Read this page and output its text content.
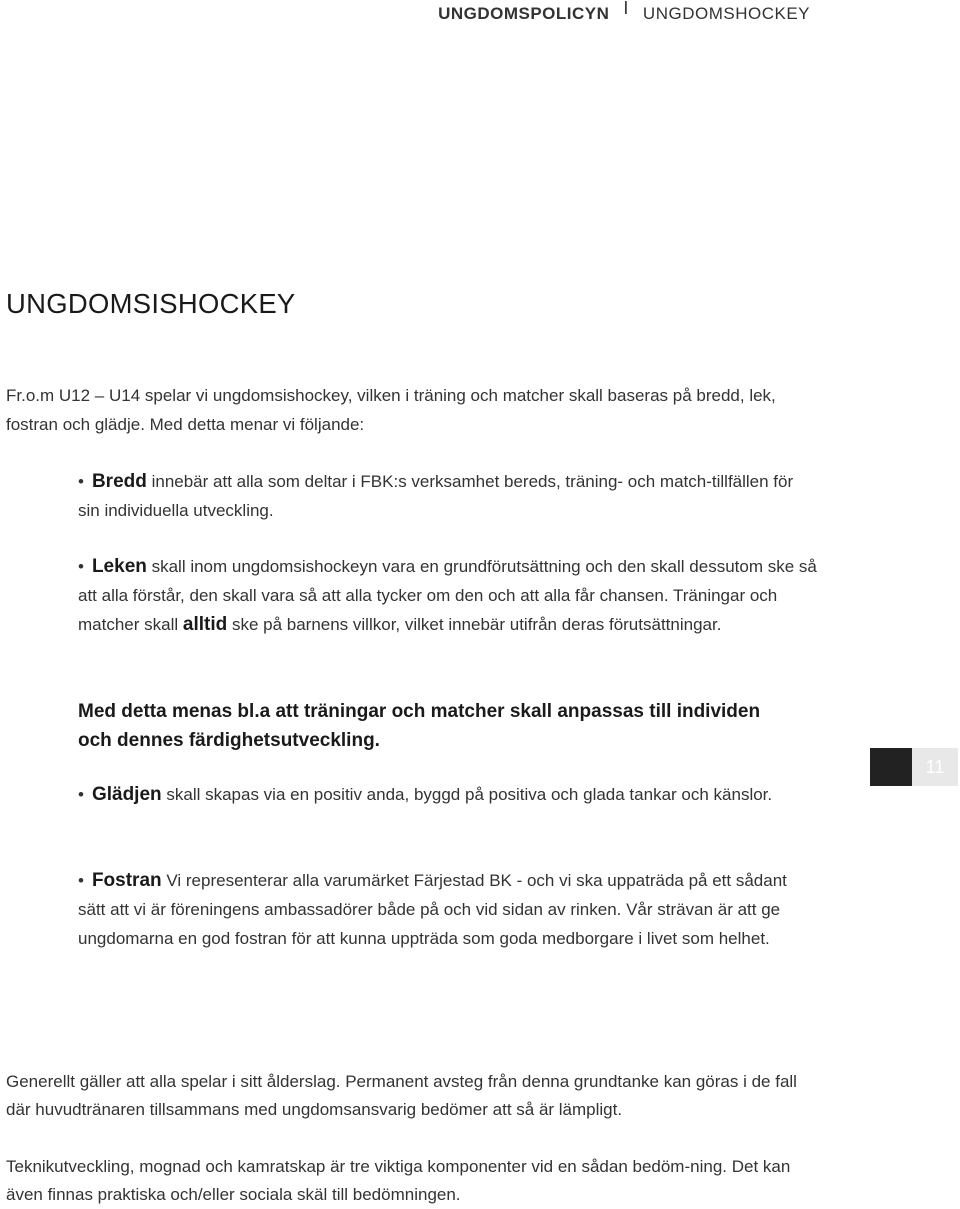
UNGDOMSPOLICYN I UNGDOMSHOCKEY
UNGDOMSISHOCKEY

Fr.o.m U12 – U14 spelar vi ungdomsishockey, vilken i träning och matcher skall baseras på bredd, lek, fostran och glädje. Med detta menar vi följande:

• Bredd innebär att alla som deltar i FBK:s verksamhet bereds, träning- och match-tillfällen för sin individuella utveckling.

• Leken skall inom ungdomsishockeyn vara en grundförutsättning och den skall dessutom ske så att alla förstår, den skall vara så att alla tycker om den och att alla får chansen. Träningar och matcher skall alltid ske på barnens villkor, vilket innebär utifrån deras förutsättningar.

Med detta menas bl.a att träningar och matcher skall anpassas till individen och dennes färdighetsutveckling.

11

• Glädjen skall skapas via en positiv anda, byggd på positiva och glada tankar och känslor.

• Fostran Vi representerar alla varumärket Färjestad BK - och vi ska uppaträda på ett sådant sätt att vi är föreningens ambassadörer både på och vid sidan av rinken. Vår strävan är att ge ungdomarna en god fostran för att kunna uppträda som goda medborgare i livet som helhet.

Generellt gäller att alla spelar i sitt ålderslag. Permanent avsteg från denna grundtanke kan göras i de fall där huvudtränaren tillsammans med ungdomsansvarig bedömer att så är lämpligt.

Teknikutveckling, mognad och kamratskap är tre viktiga komponenter vid en sådan bedöm-ning. Det kan även finnas praktiska och/eller sociala skäl till bedömningen.
